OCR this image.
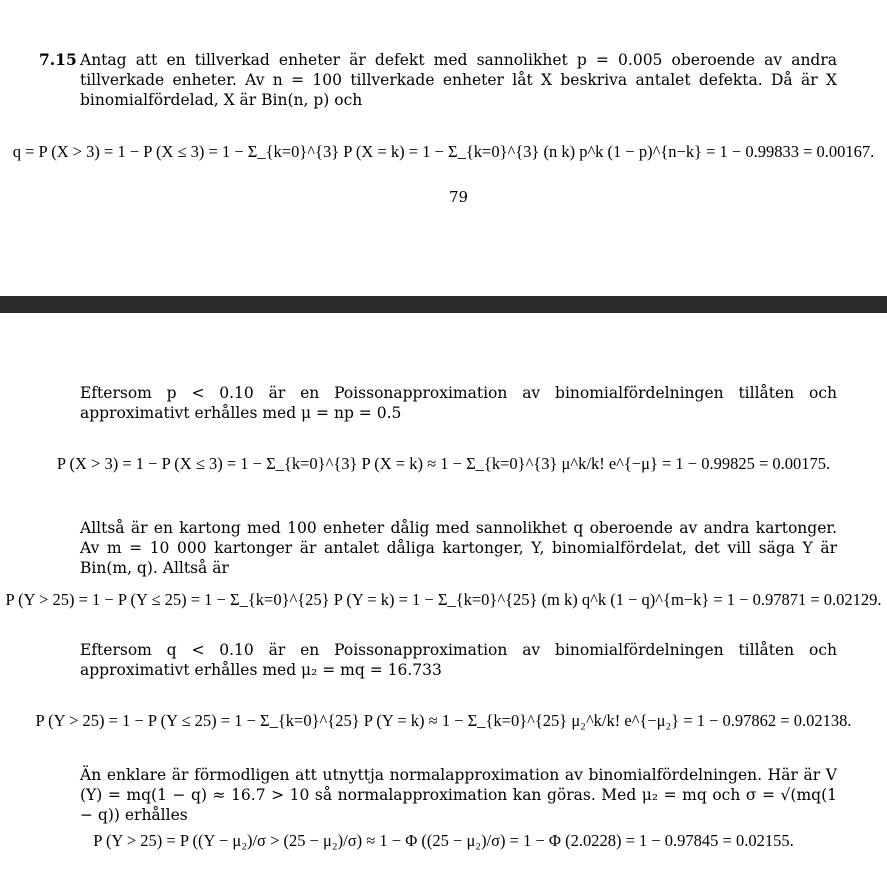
7.15 Antag att en tillverkad enheter är defekt med sannolikhet p = 0.005 oberoende av andra tillverkade enheter. Av n = 100 tillverkade enheter låt X beskriva antalet defekta. Då är X binomialfördelad, X är Bin(n, p) och
q = P (X > 3) = 1 − P (X ≤ 3) = 1 − Σ_{k=0}^{3} P (X = k) = 1 − Σ_{k=0}^{3} (n k) p^k (1 − p)^{n−k} = 1 − 0.99833 = 0.00167.
79
Eftersom p < 0.10 är en Poissonapproximation av binomialfördelningen tillåten och approximativt erhålles med μ = np = 0.5
P (X > 3) = 1 − P (X ≤ 3) = 1 − Σ_{k=0}^{3} P (X = k) ≈ 1 − Σ_{k=0}^{3} μ^k/k! e^{−μ} = 1 − 0.99825 = 0.00175.
Alltså är en kartong med 100 enheter dålig med sannolikhet q oberoende av andra kartonger. Av m = 10 000 kartonger är antalet dåliga kartonger, Y, binomialfördelat, det vill säga Y är Bin(m, q). Alltså är
P (Y > 25) = 1 − P (Y ≤ 25) = 1 − Σ_{k=0}^{25} P (Y = k) = 1 − Σ_{k=0}^{25} (m k) q^k (1 − q)^{m−k} = 1 − 0.97871 = 0.02129.
Eftersom q < 0.10 är en Poissonapproximation av binomialfördelningen tillåten och approximativt erhålles med μ₂ = mq = 16.733
P (Y > 25) = 1 − P (Y ≤ 25) = 1 − Σ_{k=0}^{25} P (Y = k) ≈ 1 − Σ_{k=0}^{25} μ₂^k/k! e^{−μ₂} = 1 − 0.97862 = 0.02138.
Än enklare är förmodligen att utnyttja normalapproximation av binomialfördelningen. Här är V (Y) = mq(1 − q) ≈ 16.7 > 10 så normalapproximation kan göras. Med μ₂ = mq och σ = √(mq(1 − q)) erhålles
P (Y > 25) = P ((Y − μ₂)/σ > (25 − μ₂)/σ) ≈ 1 − Φ ((25 − μ₂)/σ) = 1 − Φ (2.0228) = 1 − 0.97845 = 0.02155.
